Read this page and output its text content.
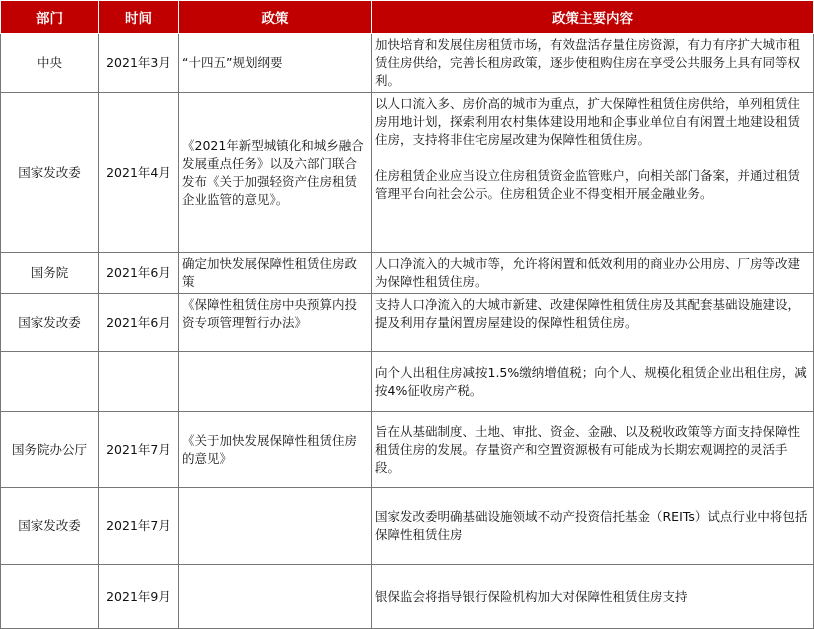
部门	时间	政策	政策主要内容
中央	2021年3月	“十四五”规划纲要	加快培育和发展住房租赁市场，有效盘活存量住房资源，有力有序扩大城市租赁住房供给，完善长租房政策，逐步使租购住房在享受公共服务上具有同等权利。

国家发改委	2021年4月	《2021年新型城镇化和城乡融合发展重点任务》以及六部门联合发布《关于加强轻资产住房租赁企业监管的意见》。	以人口流入多、房价高的城市为重点，扩大保障性租赁住房供给，单列租赁住房用地计划，探索利用农村集体建设用地和企事业单位自有闲置土地建设租赁住房，支持将非住宅房屋改建为保障性租赁住房。
住房租赁企业应当设立住房租赁资金监管账户，向相关部门备案，并通过租赁管理平台向社会公示。住房租赁企业不得变相开展金融业务。

国务院	2021年6月	确定加快发展保障性租赁住房政策	人口净流入的大城市等，允许将闲置和低效利用的商业办公用房、厂房等改建为保障性租赁住房。

国家发改委	2021年6月	《保障性租赁住房中央预算内投资专项管理暂行办法》	支持人口净流入的大城市新建、改建保障性租赁住房及其配套基础设施建设，提及利用存量闲置房屋建设的保障性租赁住房。

			向个人出租住房减按1.5%缴纳增值税；向个人、规模化租赁企业出租住房，减按4%征收房产税。

国务院办公厅	2021年7月	《关于加快发展保障性租赁住房的意见》	旨在从基础制度、土地、审批、资金、金融、以及税收政策等方面支持保障性租赁住房的发展。存量资产和空置资源极有可能成为长期宏观调控的灵活手段。

国家发改委	2021年7月		国家发改委明确基础设施领域不动产投资信托基金（REITs）试点行业中将包括保障性租赁住房

	2021年9月		银保监会将指导银行保险机构加大对保障性租赁住房支持
